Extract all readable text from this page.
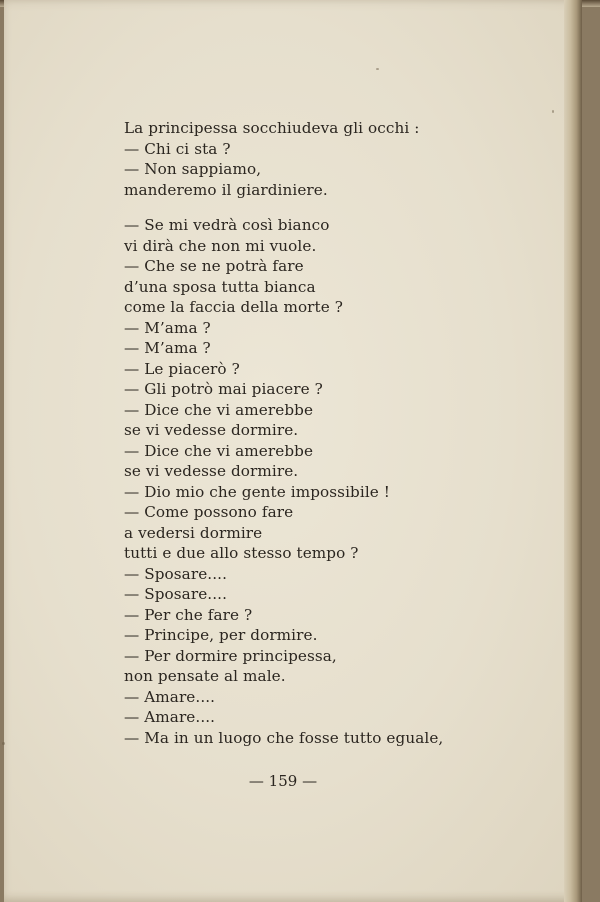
La principessa socchiudeva gli occhi :
— Chi ci sta ?
— Non sappiamo,
manderemo il giardiniere.
— Se mi vedrà così bianco
vi dirà che non mi vuole.
— Che se ne potrà fare
d’una sposa tutta bianca
come la faccia della morte ?
— M’ama ?
— M’ama ?
— Le piacerò ?
— Gli potrò mai piacere ?
— Dice che vi amerebbe
se vi vedesse dormire.
— Dice che vi amerebbe
se vi vedesse dormire.
— Dio mio che gente impossibile !
— Come possono fare
a vedersi dormire
tutti e due allo stesso tempo ?
— Sposare....
— Sposare....
— Per che fare ?
— Principe, per dormire.
— Per dormire principessa,
non pensate al male.
— Amare....
— Amare....
— Ma in un luogo che fosse tutto eguale,
— 159 —
